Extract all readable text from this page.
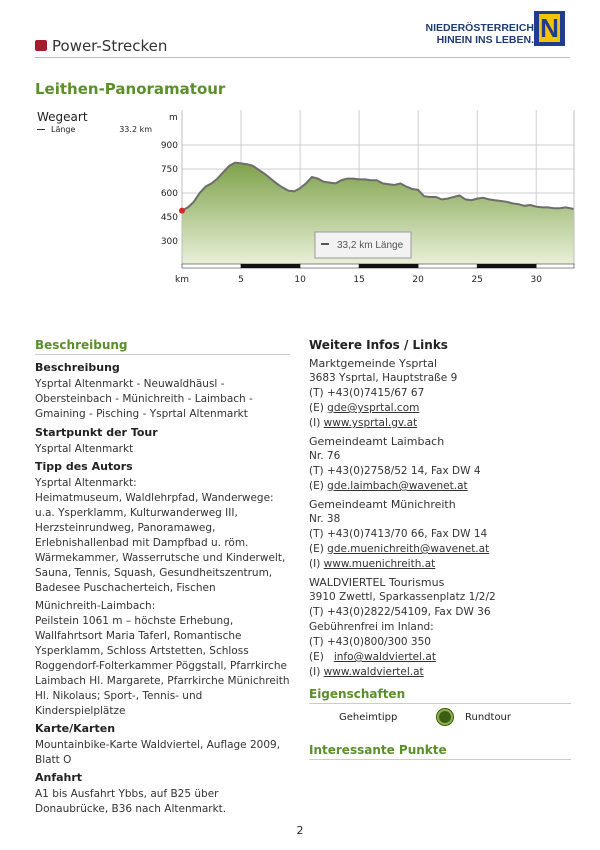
Power-Strecken
NIEDERÖSTERREICH
HINEIN INS LEBEN. N
Leithen-Panoramatour
300
450
600
750
900
5	10	15	20	25	30
33,2 km Länge
m
km
Wegeart
Länge	33.2 km
Beschreibung
Beschreibung
Ysprtal Altenmarkt - Neuwaldhäusl - Obersteinbach - Münichreith - Laimbach - Gmaining - Pisching - Ysprtal Altenmarkt
Startpunkt der Tour
Ysprtal Altenmarkt
Tipp des Autors
Ysprtal Altenmarkt:
Heimatmuseum, Waldlehrpfad, Wanderwege: u.a. Ysperklamm, Kulturwanderweg III, Herzsteinrundweg, Panoramaweg, Erlebnishallenbad mit Dampfbad u. röm. Wärmekammer, Wasserrutsche und Kinderwelt, Sauna, Tennis, Squash, Gesundheitszentrum, Badesee Puschacherteich, Fischen
Münichreith-Laimbach:
Peilstein 1061 m – höchste Erhebung, Wallfahrtsort Maria Taferl, Romantische Ysperklamm, Schloss Artstetten, Schloss Roggendorf-Folterkammer Pöggstall, Pfarrkirche Laimbach Hl. Margarete, Pfarrkirche Münichreith Hl. Nikolaus; Sport-, Tennis- und Kinderspielplätze
Karte/Karten
Mountainbike-Karte Waldviertel, Auflage 2009, Blatt O
Anfahrt
A1 bis Ausfahrt Ybbs, auf B25 über Donaubrücke, B36 nach Altenmarkt.
Weitere Infos / Links
Marktgemeinde Ysprtal
3683 Ysprtal, Hauptstraße 9
(T) +43(0)7415/67 67
(E) gde@ysprtal.com
(I) www.ysprtal.gv.at
Gemeindeamt Laimbach
Nr. 76
(T) +43(0)2758/52 14, Fax DW 4
(E) gde.laimbach@wavenet.at
Gemeindeamt Münichreith
Nr. 38
(T) +43(0)7413/70 66, Fax DW 14
(E) gde.muenichreith@wavenet.at
(I) www.muenichreith.at
WALDVIERTEL Tourismus
3910 Zwettl, Sparkassenplatz 1/2/2
(T) +43(0)2822/54109, Fax DW 36
Gebührenfrei im Inland:
(T) +43(0)800/300 350
(E)   info@waldviertel.at
(I) www.waldviertel.at
Eigenschaften
Geheimtipp	Rundtour
Interessante Punkte
2
